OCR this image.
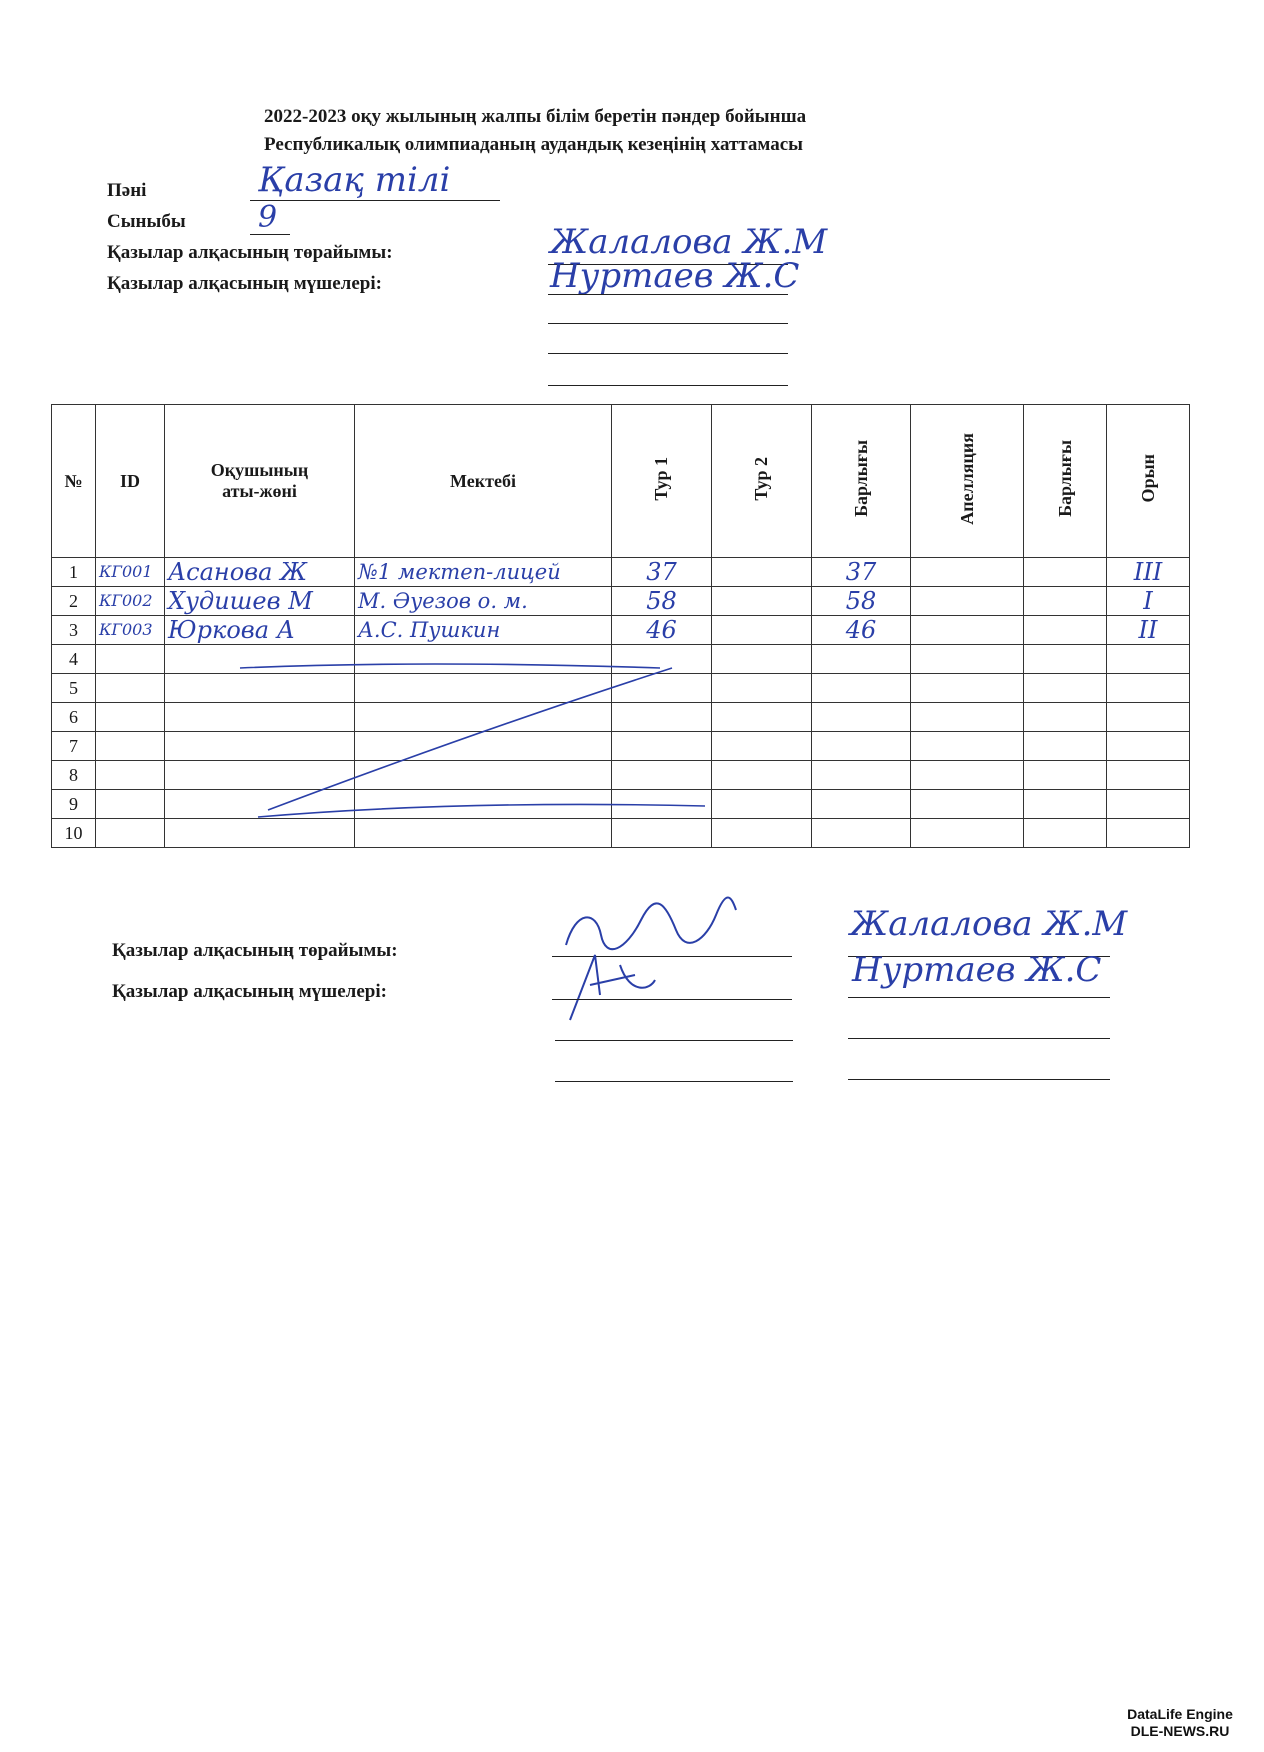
2022-2023 оқу жылының жалпы білім беретін пәндер бойынша
Республикалық олимпиаданың аудандық кезеңінің хаттамасы
Пәні	Қазақ тілі
Сыныбы 9
Қазылар алқасының төрайымы:	Жалалова Ж.М
Қазылар алқасының мүшелері:	Нуртаев Ж.С
№	ID	Оқушының аты-жөні	Мектебі	Тур 1	Тур 2	Барлығы	Апелляция	Барлығы	Орын
1	КГ001	Асанова Ж	№1 мектеп-лицей	37		37			III

2	КГ002	Худишев М	М. Әуезов о. м.	58		58			I

3	КГ003	Юркова А	А.С. Пушкин	46		46			II

4				

5				

6				

7				

8				

9				

10				

Қазылар алқасының төрайымы:
Жалалова Ж.М
Қазылар алқасының мүшелері:
Нуртаев Ж.С
DataLife Engine
DLE-NEWS.RU
